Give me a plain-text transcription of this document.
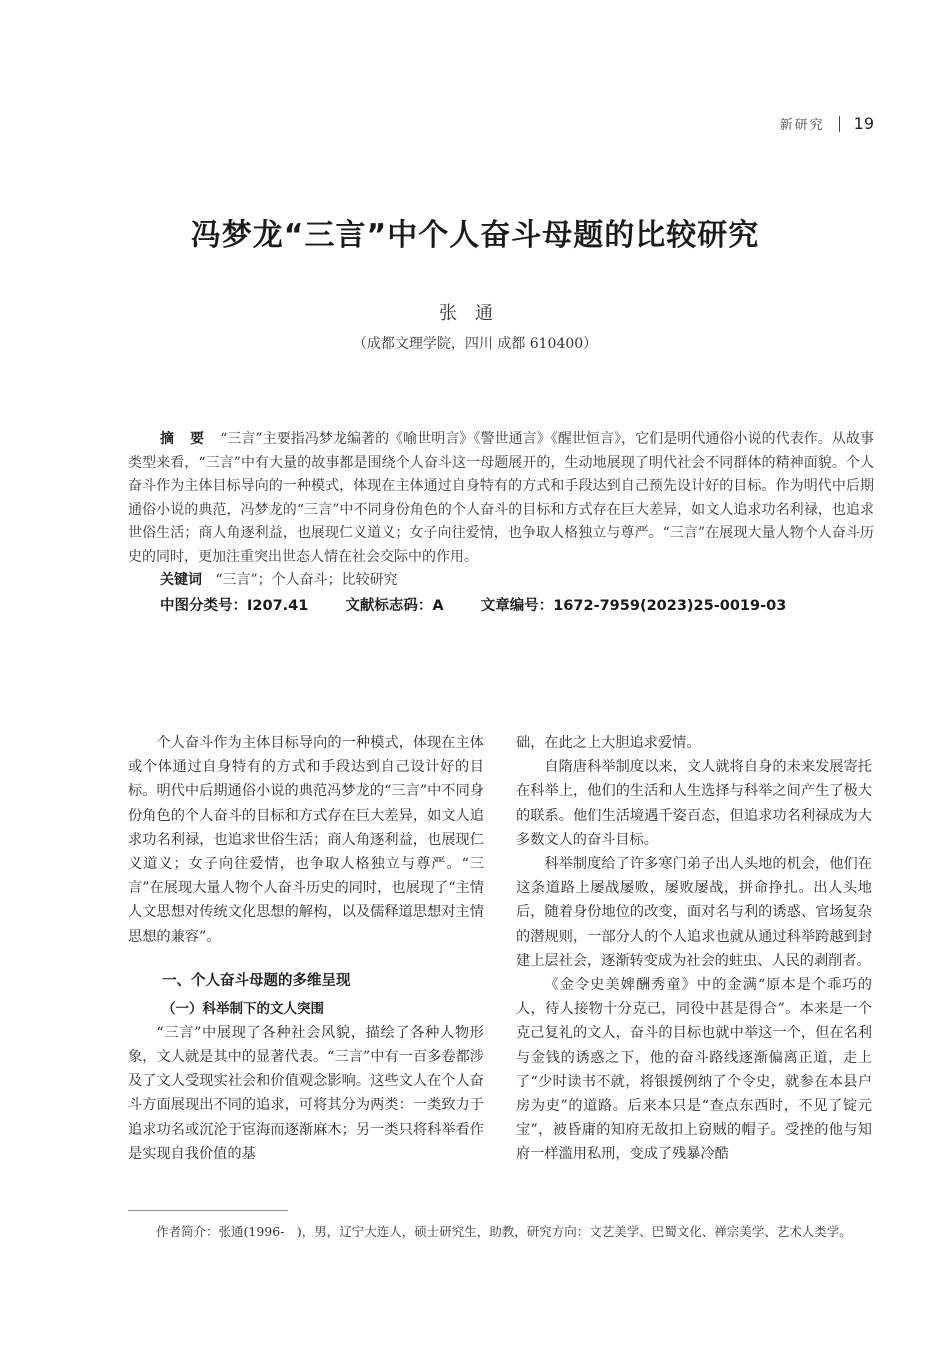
新研究 19
冯梦龙“三言”中个人奋斗母题的比较研究
张通
（成都文理学院，四川 成都 610400）

摘要“三言”主要指冯梦龙编著的《喻世明言》《警世通言》《醒世恒言》，它们是明代通俗小说的代表作。从故事类型来看，“三言”中有大量的故事都是围绕个人奋斗这一母题展开的，生动地展现了明代社会不同群体的精神面貌。个人奋斗作为主体目标导向的一种模式，体现在主体通过自身特有的方式和手段达到自己预先设计好的目标。作为明代中后期通俗小说的典范，冯梦龙的“三言”中不同身份角色的个人奋斗的目标和方式存在巨大差异，如文人追求功名利禄，也追求世俗生活；商人角逐利益，也展现仁义道义；女子向往爱情，也争取人格独立与尊严。“三言”在展现大量人物个人奋斗历史的同时，更加注重突出世态人情在社会交际中的作用。

关键词 “三言”；个人奋斗；比较研究
中图分类号：I207.41	文献标志码：A	文章编号：1672-7959(2023)25-0019-03

个人奋斗作为主体目标导向的一种模式，体现在主体或个体通过自身特有的方式和手段达到自己设计好的目标。明代中后期通俗小说的典范冯梦龙的“三言”中不同身份角色的个人奋斗的目标和方式存在巨大差异，如文人追求功名利禄，也追求世俗生活；商人角逐利益，也展现仁义道义；女子向往爱情，也争取人格独立与尊严。“三言”在展现大量人物个人奋斗历史的同时，也展现了“主情人文思想对传统文化思想的解构，以及儒释道思想对主情思想的兼容”。

一、个人奋斗母题的多维呈现
（一）科举制下的文人突围

“三言”中展现了各种社会风貌，描绘了各种人物形象，文人就是其中的显著代表。“三言”中有一百多卷都涉及了文人受现实社会和价值观念影响。这些文人在个人奋斗方面展现出不同的追求，可将其分为两类：一类致力于追求功名或沉沦于宦海而逐渐麻木；另一类只将科举看作是实现自我价值的基

础，在此之上大胆追求爱情。

自隋唐科举制度以来，文人就将自身的未来发展寄托在科举上，他们的生活和人生选择与科举之间产生了极大的联系。他们生活境遇千姿百态，但追求功名利禄成为大多数文人的奋斗目标。

科举制度给了许多寒门弟子出人头地的机会，他们在这条道路上屡战屡败，屡败屡战，拼命挣扎。出人头地后，随着身份地位的改变，面对名与利的诱惑、官场复杂的潜规则，一部分人的个人追求也就从通过科举跨越到封建上层社会，逐渐转变成为社会的蛀虫、人民的剥削者。

《金令史美婢酬秀童》中的金满“原本是个乖巧的人，待人接物十分克己，同役中甚是得合”。本来是一个克己复礼的文人，奋斗的目标也就中举这一个，但在名利与金钱的诱惑之下，他的奋斗路线逐渐偏离正道，走上了“少时读书不就，将银援例纳了个令史，就参在本县户房为吏”的道路。后来本只是“查点东西时，不见了锭元宝”，被昏庸的知府无故扣上窃贼的帽子。受挫的他与知府一样滥用私刑，变成了残暴冷酷

作者简介：张通(1996-　)，男，辽宁大连人，硕士研究生，助教，研究方向：文艺美学、巴蜀文化、禅宗美学、艺术人类学。
